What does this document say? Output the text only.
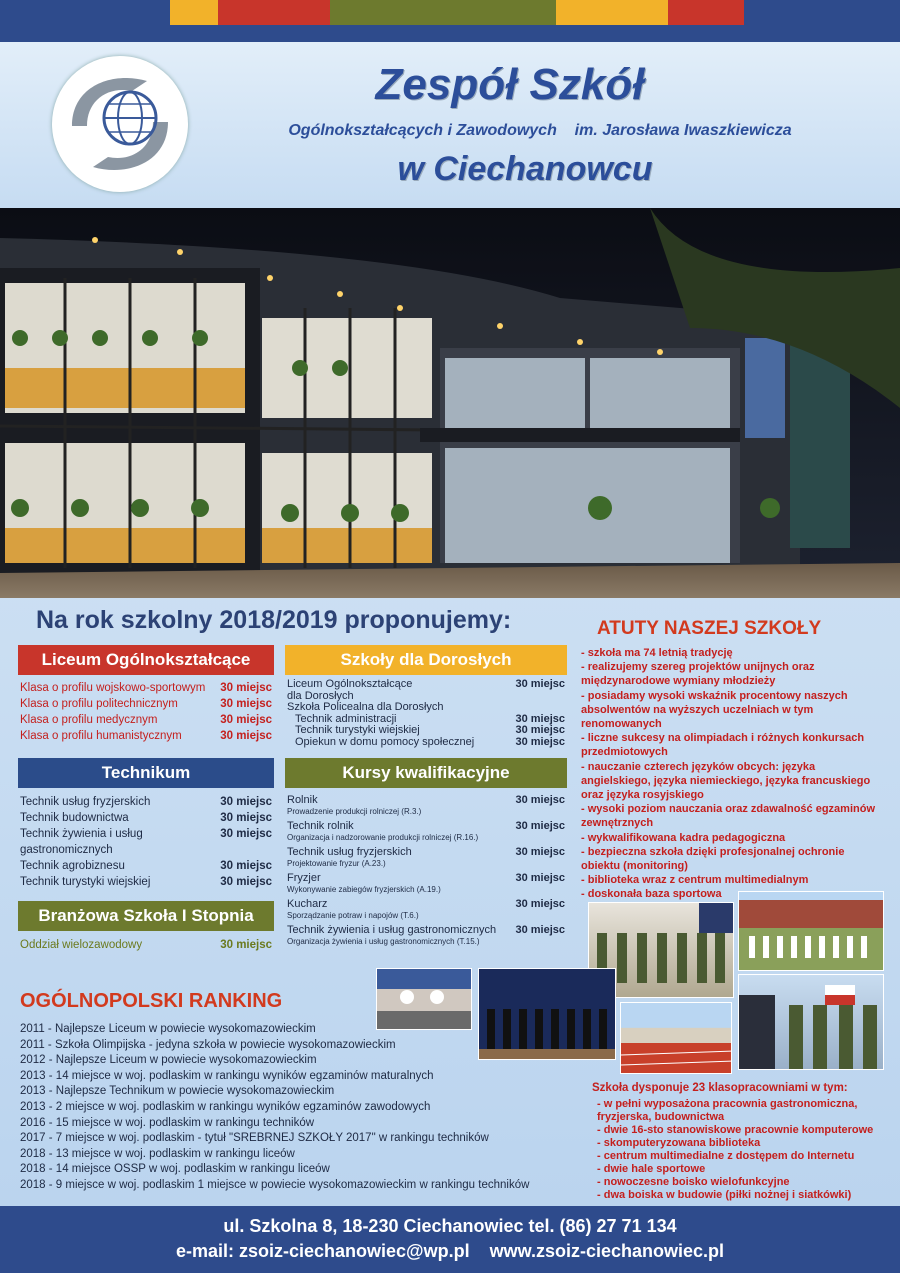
Zespół Szkół
Ogólnokształcących i Zawodowych im. Jarosława Iwaszkiewicza
w Ciechanowcu
Na rok szkolny 2018/2019 proponujemy:
Liceum Ogólnokształcące
Klasa o profilu wojskowo-sportowym 30 miejsc
Klasa o profilu politechnicznym	30 miejsc
Klasa o profilu medycznym	30 miejsc
Klasa o profilu humanistycznym	30 miejsc
Technikum
Technik usług fryzjerskich	30 miejsc
Technik budownictwa	30 miejsc
Technik żywienia i usług gastronomicznych
30 miejsc
Technik agrobiznesu	30 miejsc
Technik turystyki wiejskiej	30 miejsc
Branżowa Szkoła I Stopnia
Oddział wielozawodowy	30 miejsc
Szkoły dla Dorosłych
Liceum Ogólnokształcące dla Dorosłych
30 miejsc
Szkoła Policealna dla Dorosłych
Technik administracji	30 miejsc
Technik turystyki wiejskiej	30 miejsc
Opiekun w domu pomocy społecznej	30 miejsc
Kursy kwalifikacyjne
Rolnik
Prowadzenie produkcji rolniczej (R.3.)
30 miejsc
Technik rolnik
Organizacja i nadzorowanie produkcji rolniczej (R.16.)
30 miejsc
Technik usług fryzjerskich
Projektowanie fryzur (A.23.)
30 miejsc
Fryzjer
Wykonywanie zabiegów fryzjerskich (A.19.)
30 miejsc
Kucharz
Sporządzanie potraw i napojów (T.6.)
30 miejsc
Technik żywienia i usług gastronomicznych
Organizacja żywienia i usług gastronomicznych (T.15.)
30 miejsc
ATUTY NASZEJ SZKOŁY
- szkoła ma 74 letnią tradycję
- realizujemy szereg projektów unijnych oraz międzynarodowe wymiany młodzieży
- posiadamy wysoki wskaźnik procentowy naszych absolwentów na wyższych uczelniach w tym renomowanych
- liczne sukcesy na olimpiadach i różnych konkursach przedmiotowych
- nauczanie czterech języków obcych: języka angielskiego, języka niemieckiego, języka francuskiego oraz języka rosyjskiego
- wysoki poziom nauczania oraz zdawalność egzaminów zewnętrznych
- wykwalifikowana kadra pedagogiczna
- bezpieczna szkoła dzięki profesjonalnej ochronie obiektu (monitoring)
- biblioteka wraz z centrum multimedialnym
- doskonała baza sportowa
OGÓLNOPOLSKI RANKING
2011 - Najlepsze Liceum w powiecie wysokomazowieckim
2011 - Szkoła Olimpijska - jedyna szkoła w powiecie wysokomazowieckim
2012 - Najlepsze Liceum w powiecie wysokomazowieckim
2013 - 14 miejsce w woj. podlaskim w rankingu wyników egzaminów maturalnych
2013 - Najlepsze Technikum w powiecie wysokomazowieckim
2013 - 2 miejsce w woj. podlaskim w rankingu wyników egzaminów zawodowych
2016 - 15 miejsce w woj. podlaskim w rankingu techników
2017 - 7 miejsce w woj. podlaskim - tytuł "SREBRNEJ SZKOŁY 2017" w rankingu techników
2018 - 13 miejsce w woj. podlaskim w rankingu liceów
2018 - 14 miejsce OSSP w woj. podlaskim w rankingu liceów
2018 - 9 miejsce w woj. podlaskim 1 miejsce w powiecie wysokomazowieckim w rankingu techników
Szkoła dysponuje 23 klasopracowniami w tym:
- w pełni wyposażona pracownia gastronomiczna, fryzjerska, budownictwa
- dwie 16-sto stanowiskowe pracownie komputerowe
- skomputeryzowana biblioteka
- centrum multimedialne z dostępem do Internetu
- dwie hale sportowe
- nowoczesne boisko wielofunkcyjne
- dwa boiska w budowie (piłki nożnej i siatkówki)
ul. Szkolna 8, 18-230 Ciechanowiec tel. (86) 27 71 134
e-mail: zsoiz-ciechanowiec@wp.pl www.zsoiz-ciechanowiec.pl
